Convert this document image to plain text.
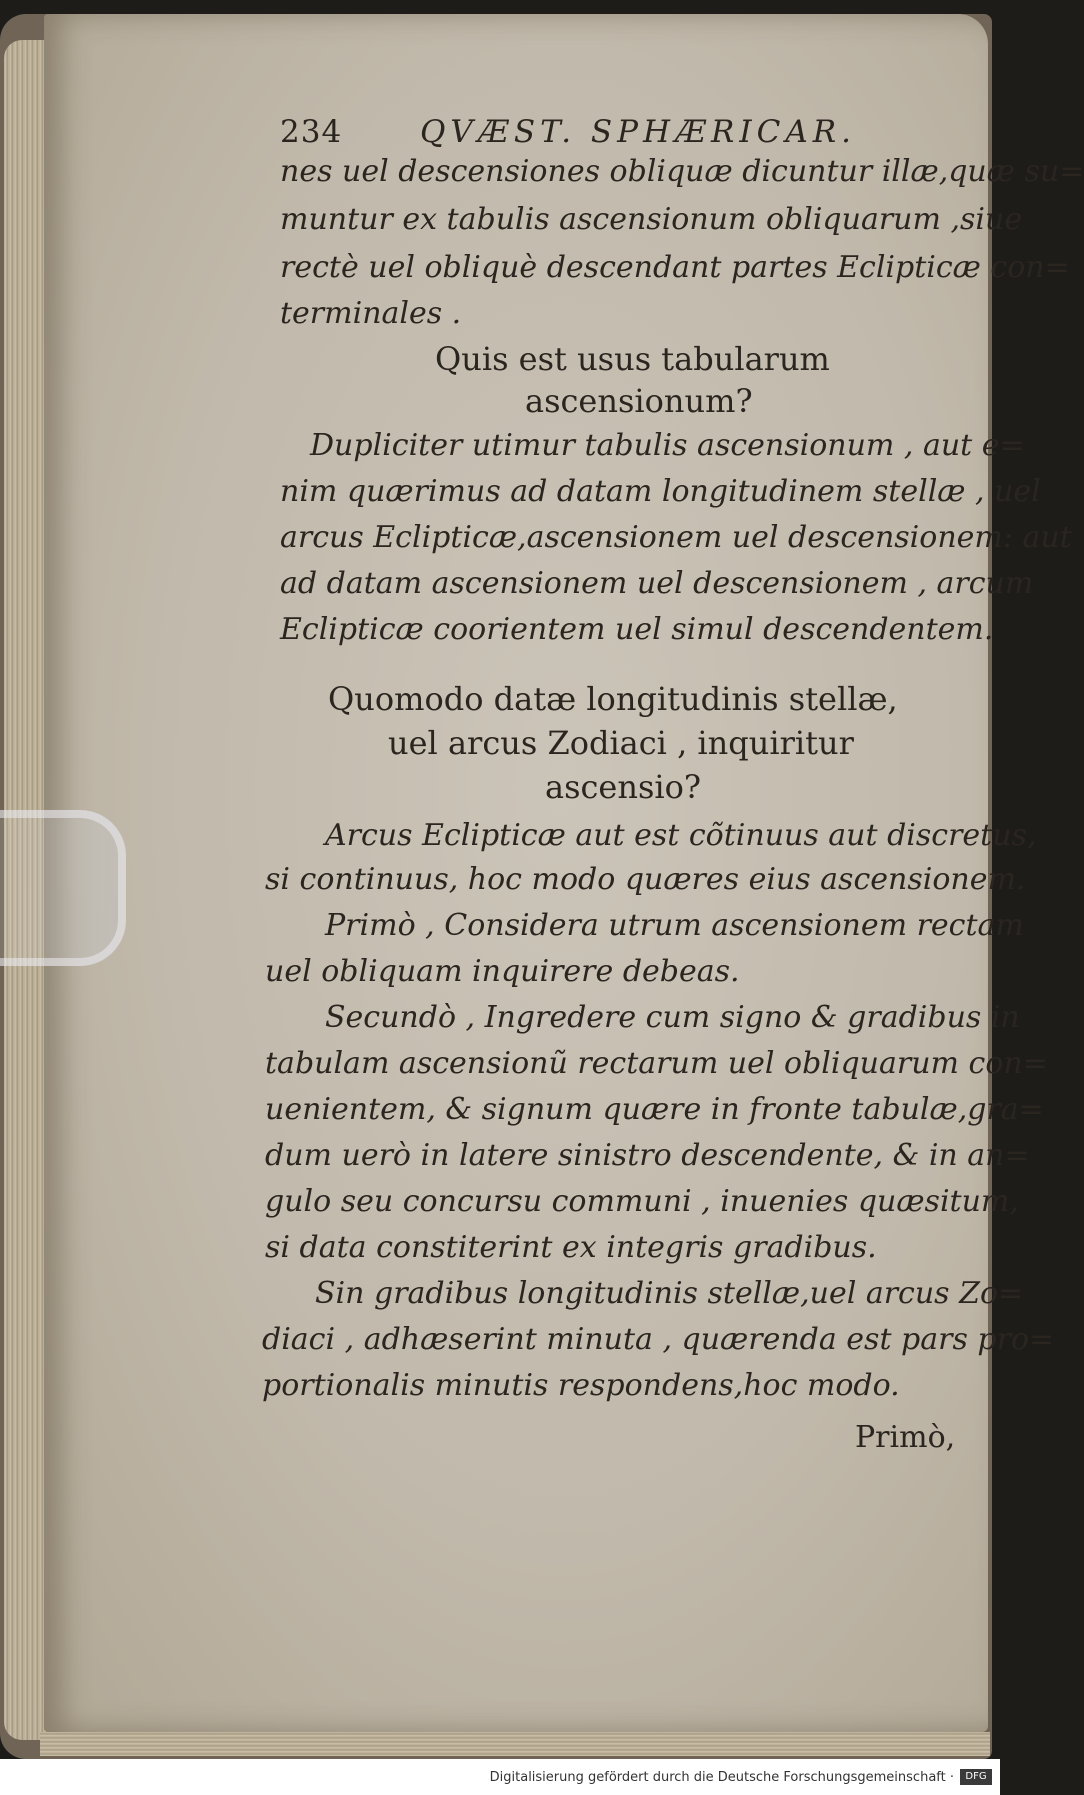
234	QVÆST. SPHÆRICAR.
nes uel descensiones obliquæ dicuntur illæ,quæ su=
muntur ex tabulis ascensionum obliquarum ,siue
rectè uel obliquè descendant partes Eclipticæ con=
terminales .
Quis est usus tabularum
ascensionum?
Dupliciter utimur tabulis ascensionum , aut e=
nim quærimus ad datam longitudinem stellæ , uel
arcus Eclipticæ,ascensionem uel descensionem: aut
ad datam ascensionem uel descensionem , arcum
Eclipticæ coorientem uel simul descendentem.
Quomodo datæ longitudinis stellæ,
uel arcus Zodiaci , inquiritur
ascensio?
Arcus Eclipticæ aut est cõtinuus aut discretus,
si continuus, hoc modo quæres eius ascensionem.
Primò , Considera utrum ascensionem rectam
uel obliquam inquirere debeas.
Secundò , Ingredere cum signo & gradibus in
tabulam ascensionũ rectarum uel obliquarum con=
uenientem, & signum quære in fronte tabulæ,gra=
dum uerò in latere sinistro descendente, & in an=
gulo seu concursu communi , inuenies quæsitum,
si data constiterint ex integris gradibus.
Sin gradibus longitudinis stellæ,uel arcus Zo=
diaci , adhæserint minuta , quærenda est pars pro=
portionalis minutis respondens,hoc modo.
Primò,
Digitalisierung gefördert durch die Deutsche Forschungsgemeinschaft ·	DFG
